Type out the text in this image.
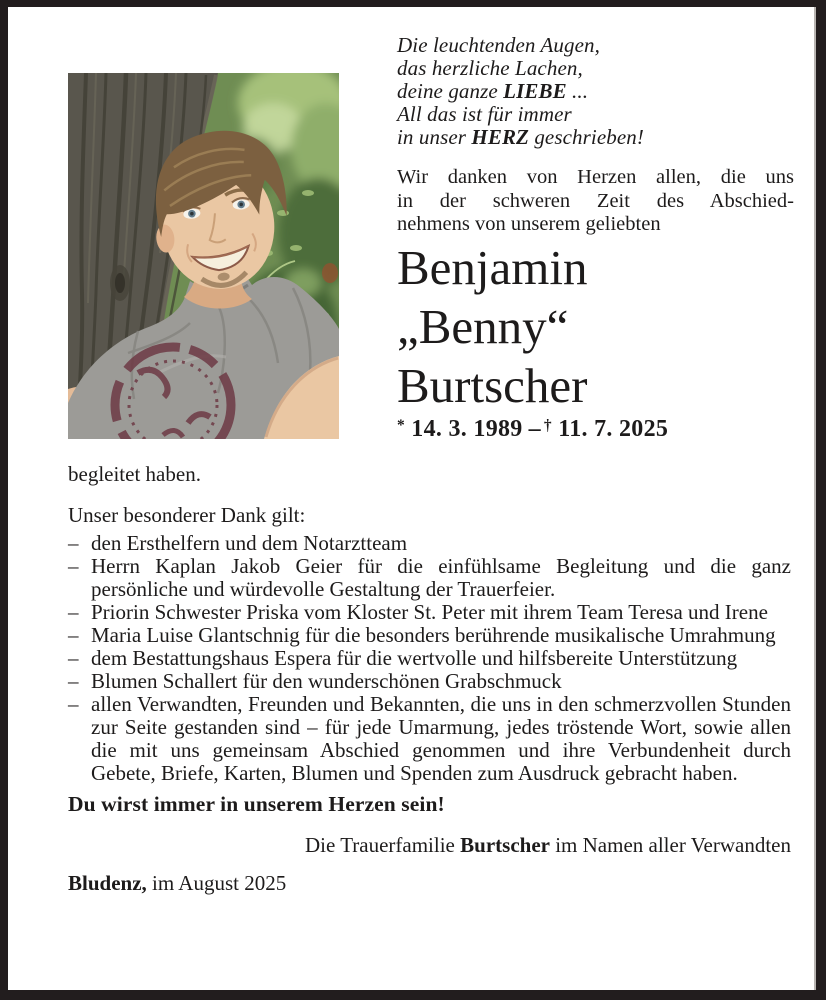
Die leuchtenden Augen,
das herzliche Lachen,
deine ganze LIEBE ...
All das ist für immer
in unser HERZ geschrieben!
Wir danken von Herzen allen, die uns
in der schweren Zeit des Abschied-
nehmens von unserem geliebten
Benjamin
„Benny“
Burtscher
* 14. 3. 1989 – † 11. 7. 2025
begleitet haben.
Unser besonderer Dank gilt:
– den Ersthelfern und dem Notarztteam
– Herrn Kaplan Jakob Geier für die einfühlsame Begleitung und die ganz persönliche und würdevolle Gestaltung der Trauerfeier.
– Priorin Schwester Priska vom Kloster St. Peter mit ihrem Team Teresa und Irene
– Maria Luise Glantschnig für die besonders berührende musikalische Umrahmung
– dem Bestattungshaus Espera für die wertvolle und hilfsbereite Unterstützung
– Blumen Schallert für den wunderschönen Grabschmuck
– allen Verwandten, Freunden und Bekannten, die uns in den schmerzvollen Stunden zur Seite gestanden sind – für jede Umarmung, jedes tröstende Wort, sowie allen die mit uns gemeinsam Abschied genommen und ihre Verbundenheit durch Gebete, Briefe, Karten, Blumen und Spenden zum Ausdruck gebracht haben.
Du wirst immer in unserem Herzen sein!
Die Trauerfamilie Burtscher im Namen aller Verwandten
Bludenz, im August 2025
